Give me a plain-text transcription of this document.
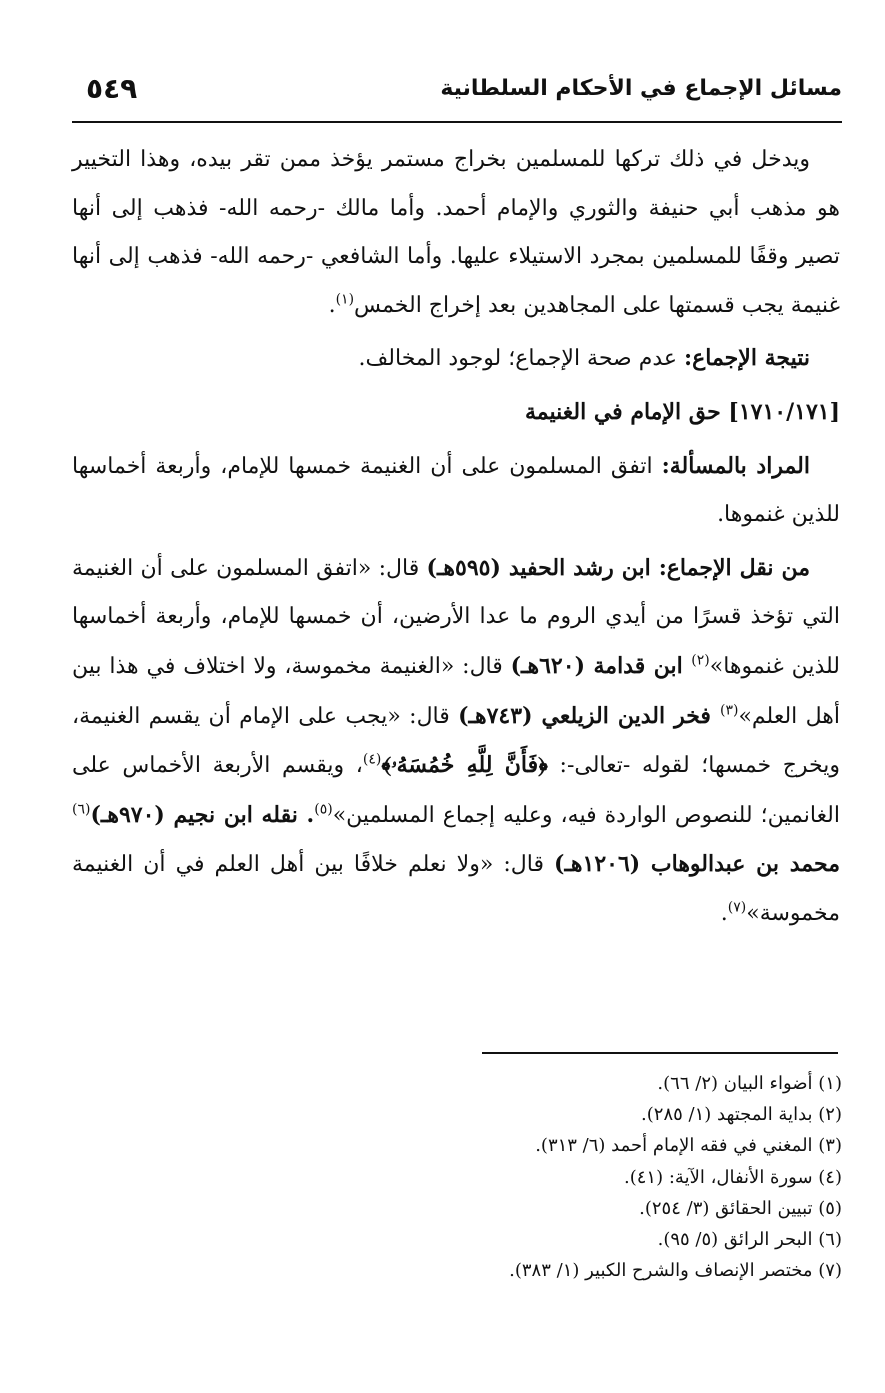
مسائل الإجماع في الأحكام السلطانية
٥٤٩

ويدخل في ذلك تركها للمسلمين بخراج مستمر يؤخذ ممن تقر بيده، وهذا التخيير هو مذهب أبي حنيفة والثوري والإمام أحمد. وأما مالك -رحمه الله- فذهب إلى أنها تصير وقفًا للمسلمين بمجرد الاستيلاء عليها. وأما الشافعي -رحمه الله- فذهب إلى أنها غنيمة يجب قسمتها على المجاهدين بعد إخراج الخمس$^{(١)}$.

نتيجة الإجماع: عدم صحة الإجماع؛ لوجود المخالف.

[١٧١٠/١٧١] حق الإمام في الغنيمة

المراد بالمسألة: اتفق المسلمون على أن الغنيمة خمسها للإمام، وأربعة أخماسها للذين غنموها.

من نقل الإجماع: ابن رشد الحفيد (٥٩٥هـ) قال: «اتفق المسلمون على أن الغنيمة التي تؤخذ قسرًا من أيدي الروم ما عدا الأرضين، أن خمسها للإمام، وأربعة أخماسها للذين غنموها»$^{(٢)}$ ابن قدامة (٦٢٠هـ) قال: «الغنيمة مخموسة، ولا اختلاف في هذا بين أهل العلم»$^{(٣)}$ فخر الدين الزيلعي (٧٤٣هـ) قال: «يجب على الإمام أن يقسم الغنيمة، ويخرج خمسها؛ لقوله -تعالى-: ﴿فَأَنَّ لِلَّهِ خُمُسَهُۥ﴾$^{(٤)}$، ويقسم الأربعة الأخماس على الغانمين؛ للنصوص الواردة فيه، وعليه إجماع المسلمين»$^{(٥)}$. نقله ابن نجيم (٩٧٠هـ)$^{(٦)}$ محمد بن عبدالوهاب (١٢٠٦هـ) قال: «ولا نعلم خلافًا بين أهل العلم في أن الغنيمة مخموسة»$^{(٧)}$.

(١) أضواء البيان (٢/ ٦٦).

(٢) بداية المجتهد (١/ ٢٨٥).

(٣) المغني في فقه الإمام أحمد (٦/ ٣١٣).

(٤) سورة الأنفال، الآية: (٤١).

(٥) تبيين الحقائق (٣/ ٢٥٤).

(٦) البحر الرائق (٥/ ٩٥).

(٧) مختصر الإنصاف والشرح الكبير (١/ ٣٨٣).
